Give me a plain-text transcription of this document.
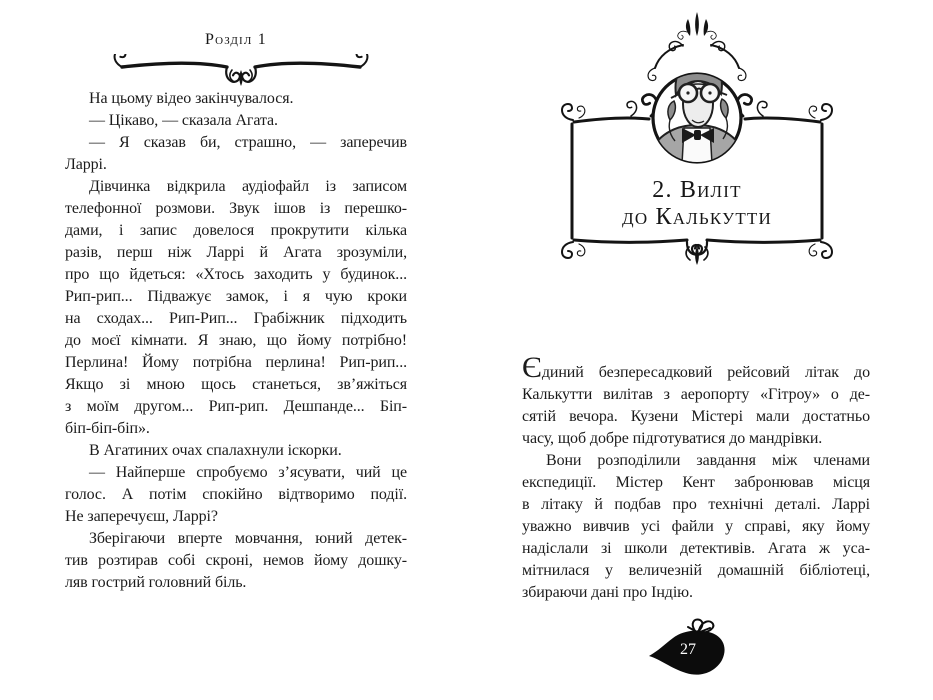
Розділ 1
На цьому відео закінчувалося.
— Цікаво, — сказала Агата.
— Я сказав би, страшно, — заперечив
Ларрі.
Дівчинка відкрила аудіофайл із записом
телефонної розмови. Звук ішов із перешко-
дами, і запис довелося прокрутити кілька
разів, перш ніж Ларрі й Агата зрозуміли,
про що йдеться: «Хтось заходить у будинок...
Рип-рип... Підважує замок, і я чую кроки
на сходах... Рип-Рип... Грабіжник підходить
до моєї кімнати. Я знаю, що йому потрібно!
Перлина! Йому потрібна перлина! Рип-рип...
Якщо зі мною щось станеться, зв’яжіться
з моїм другом... Рип-рип. Дешпанде... Біп-
біп-біп-біп».
В Агатиних очах спалахнули іскорки.
— Найперше спробуємо з’ясувати, чий це
голос. А потім спокійно відтворимо події.
Не заперечуєш, Ларрі?
Зберігаючи вперте мовчання, юний детек-
тив розтирав собі скроні, немов йому дошку-
ляв гострий головний біль.
2. Виліт
до Калькутти
Єдиний безпересадковий рейсовий літак до
Калькутти вилітав з аеропорту «Гітроу» о де-
сятій вечора. Кузени Містері мали достатньо
часу, щоб добре підготуватися до мандрівки.
Вони розподілили завдання між членами
експедиції. Містер Кент забронював місця
в літаку й подбав про технічні деталі. Ларрі
уважно вивчив усі файли у справі, яку йому
надіслали зі школи детективів. Агата ж уса-
мітнилася у величезній домашній бібліотеці,
збираючи дані про Індію.
27
